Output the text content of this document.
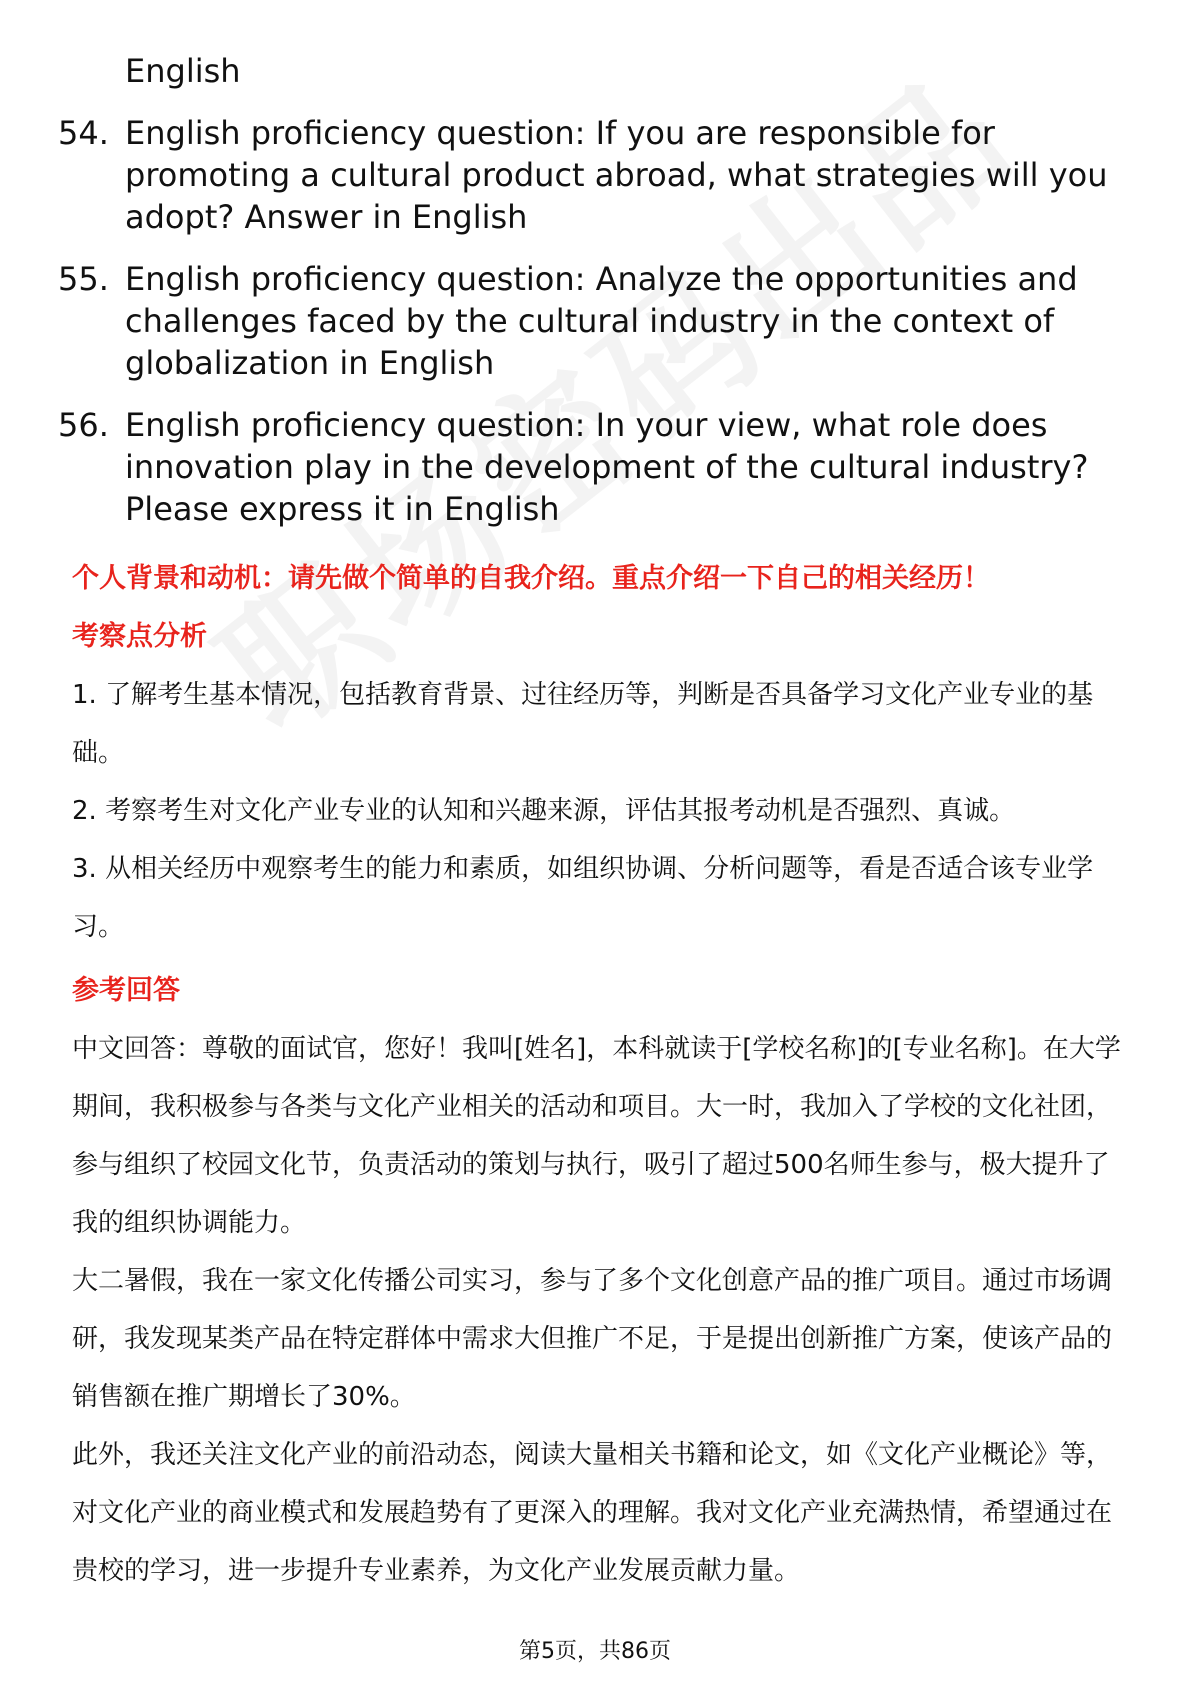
English
54. English proficiency question: If you are responsible for promoting a cultural product abroad, what strategies will you adopt? Answer in English
55. English proficiency question: Analyze the opportunities and challenges faced by the cultural industry in the context of globalization in English
56. English proficiency question: In your view, what role does innovation play in the development of the cultural industry? Please express it in English

个人背景和动机：请先做个简单的自我介绍。重点介绍一下自己的相关经历！

考察点分析

1. 了解考生基本情况，包括教育背景、过往经历等，判断是否具备学习文化产业专业的基础。

2. 考察考生对文化产业专业的认知和兴趣来源，评估其报考动机是否强烈、真诚。

3. 从相关经历中观察考生的能力和素质，如组织协调、分析问题等，看是否适合该专业学习。

参考回答

中文回答：尊敬的面试官，您好！我叫[姓名]，本科就读于[学校名称]的[专业名称]。在大学期间，我积极参与各类与文化产业相关的活动和项目。大一时，我加入了学校的文化社团，参与组织了校园文化节，负责活动的策划与执行，吸引了超过500名师生参与，极大提升了我的组织协调能力。

大二暑假，我在一家文化传播公司实习，参与了多个文化创意产品的推广项目。通过市场调研，我发现某类产品在特定群体中需求大但推广不足，于是提出创新推广方案，使该产品的销售额在推广期增长了30%。

此外，我还关注文化产业的前沿动态，阅读大量相关书籍和论文，如《文化产业概论》等，对文化产业的商业模式和发展趋势有了更深入的理解。我对文化产业充满热情，希望通过在贵校的学习，进一步提升专业素养，为文化产业发展贡献力量。

第5页，共86页
